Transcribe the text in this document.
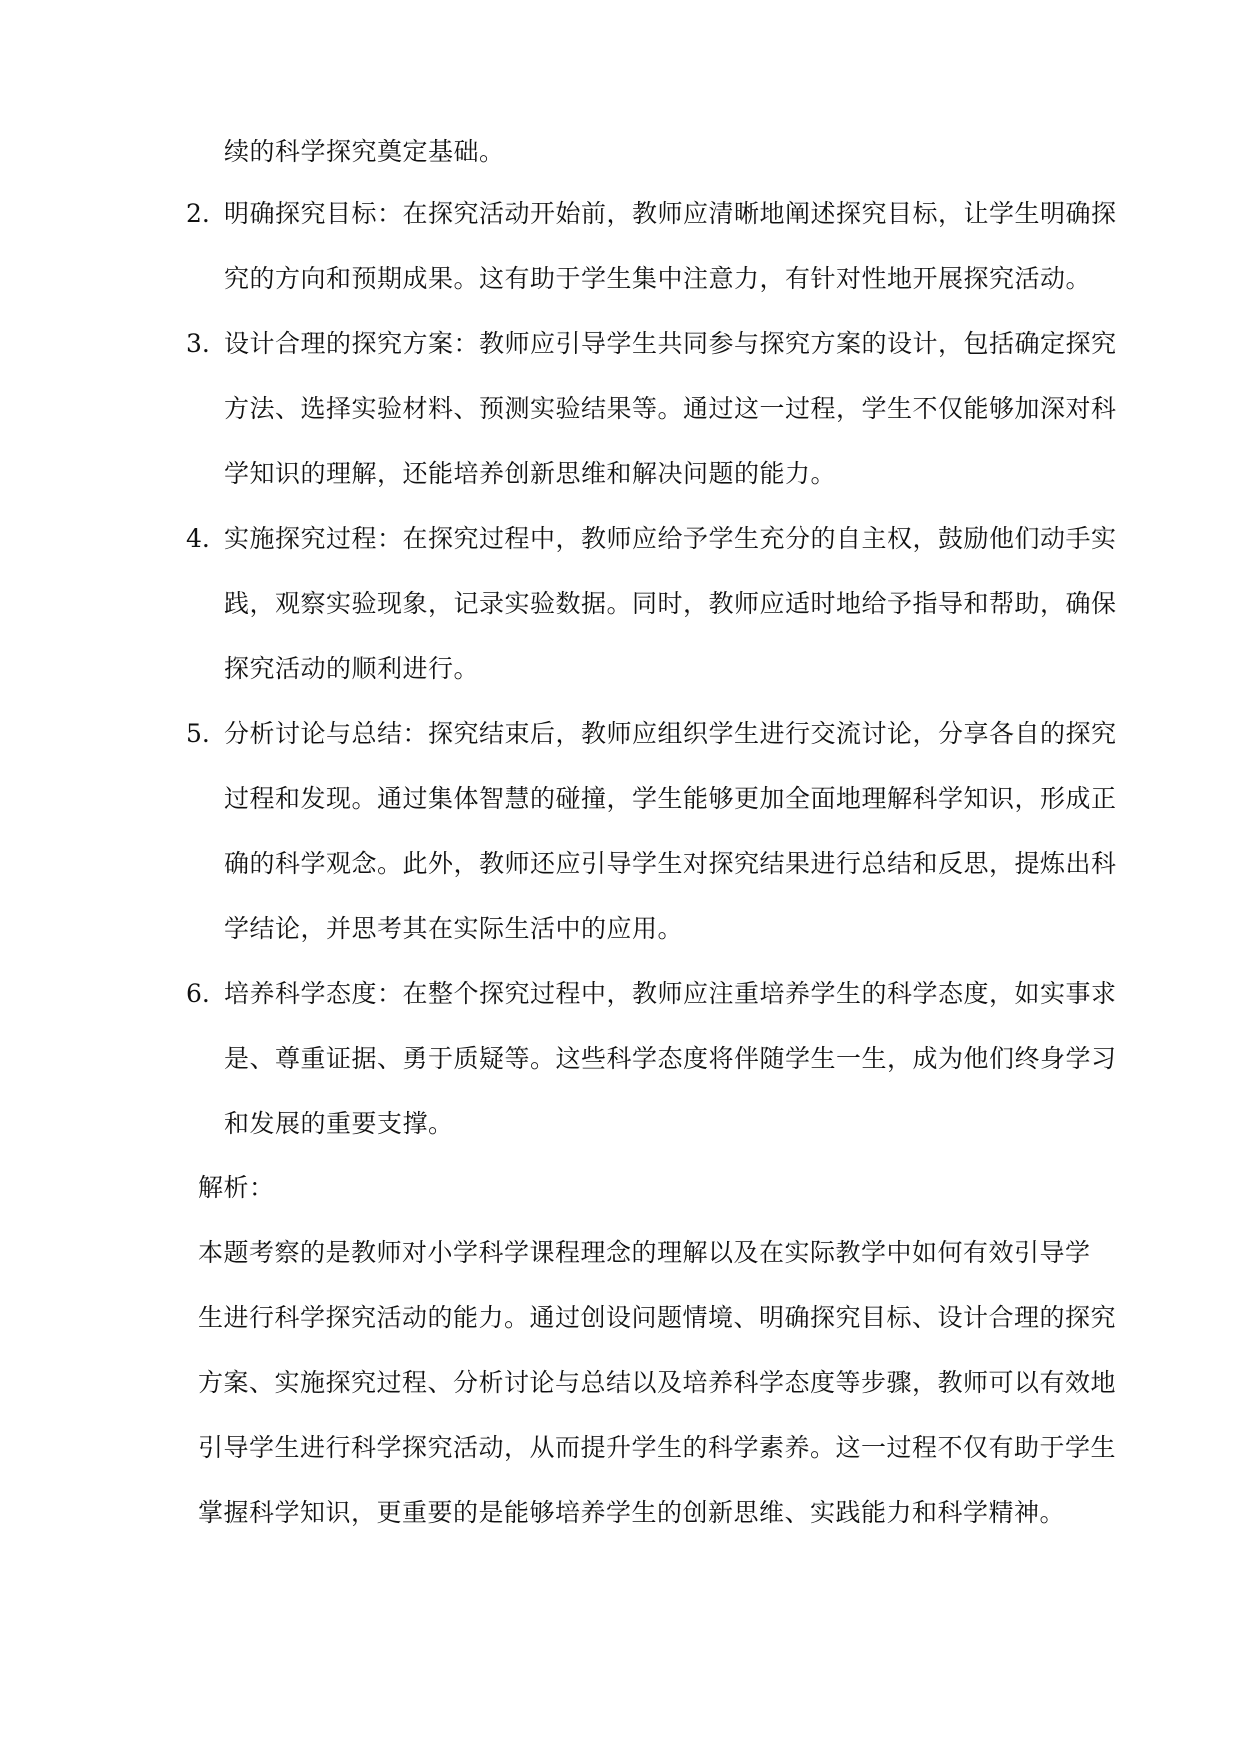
续的科学探究奠定基础。
2. 明确探究目标：在探究活动开始前，教师应清晰地阐述探究目标，让学生明确探
究的方向和预期成果。这有助于学生集中注意力，有针对性地开展探究活动。
3. 设计合理的探究方案：教师应引导学生共同参与探究方案的设计，包括确定探究
方法、选择实验材料、预测实验结果等。通过这一过程，学生不仅能够加深对科
学知识的理解，还能培养创新思维和解决问题的能力。
4. 实施探究过程：在探究过程中，教师应给予学生充分的自主权，鼓励他们动手实
践，观察实验现象，记录实验数据。同时，教师应适时地给予指导和帮助，确保
探究活动的顺利进行。
5. 分析讨论与总结：探究结束后，教师应组织学生进行交流讨论，分享各自的探究
过程和发现。通过集体智慧的碰撞，学生能够更加全面地理解科学知识，形成正
确的科学观念。此外，教师还应引导学生对探究结果进行总结和反思，提炼出科
学结论，并思考其在实际生活中的应用。
6. 培养科学态度：在整个探究过程中，教师应注重培养学生的科学态度，如实事求
是、尊重证据、勇于质疑等。这些科学态度将伴随学生一生，成为他们终身学习
和发展的重要支撑。
解析：
本题考察的是教师对小学科学课程理念的理解以及在实际教学中如何有效引导学
生进行科学探究活动的能力。通过创设问题情境、明确探究目标、设计合理的探究
方案、实施探究过程、分析讨论与总结以及培养科学态度等步骤，教师可以有效地
引导学生进行科学探究活动，从而提升学生的科学素养。这一过程不仅有助于学生
掌握科学知识，更重要的是能够培养学生的创新思维、实践能力和科学精神。
